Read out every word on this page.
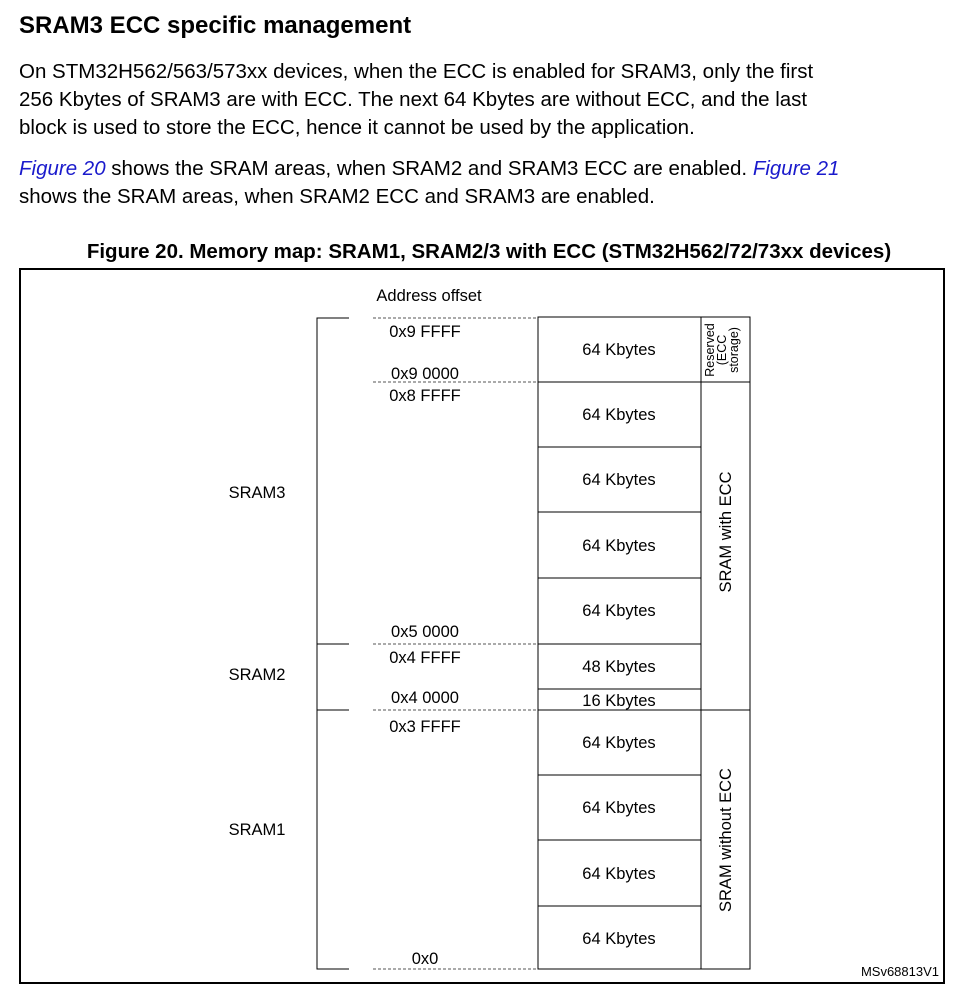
SRAM3 ECC specific management

On STM32H562/563/573xx devices, when the ECC is enabled for SRAM3, only the first
256 Kbytes of SRAM3 are with ECC. The next 64 Kbytes are without ECC, and the last
block is used to store the ECC, hence it cannot be used by the application.

Figure 20 shows the SRAM areas, when SRAM2 and SRAM3 ECC are enabled. Figure 21
shows the SRAM areas, when SRAM2 ECC and SRAM3 are enabled.

Figure 20. Memory map: SRAM1, SRAM2/3 with ECC (STM32H562/72/73xx devices)
Address offset
SRAM3
SRAM2
SRAM1
0x9 FFFF
0x9 0000
0x8 FFFF
0x5 0000
0x4 FFFF
0x4 0000
0x3 FFFF
0x0
64 Kbytes
64 Kbytes
64 Kbytes
64 Kbytes
64 Kbytes
48 Kbytes
16 Kbytes
64 Kbytes
64 Kbytes
64 Kbytes
64 Kbytes
Reserved
(ECC
storage)
SRAM with ECC
SRAM without ECC
MSv68813V1
